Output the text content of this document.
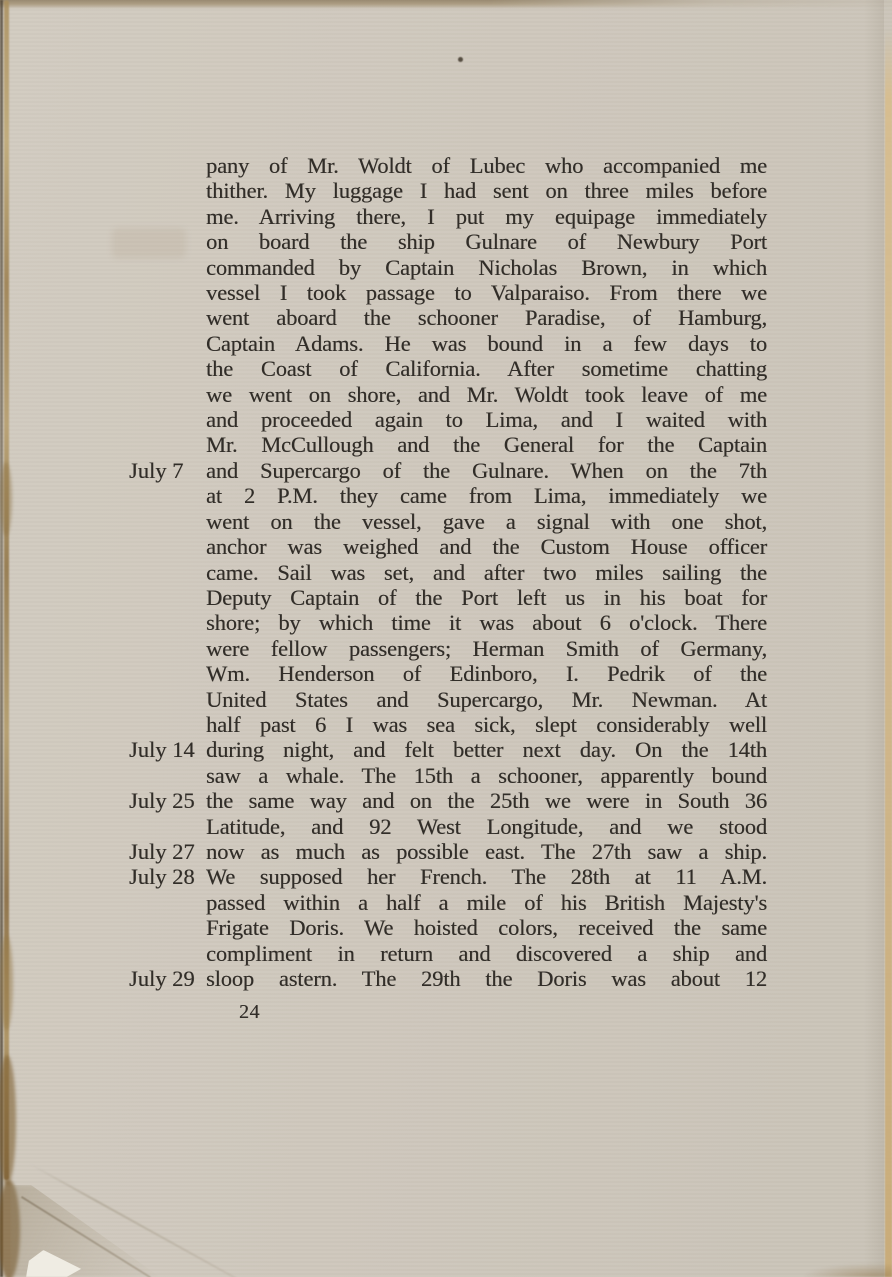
pany of Mr. Woldt of Lubec who accompanied me
thither. My luggage I had sent on three miles before
me. Arriving there, I put my equipage immediately
on board the ship Gulnare of Newbury Port
commanded by Captain Nicholas Brown, in which
vessel I took passage to Valparaiso. From there we
went aboard the schooner Paradise, of Hamburg,
Captain Adams. He was bound in a few days to
the Coast of California. After sometime chatting
we went on shore, and Mr. Woldt took leave of me
and proceeded again to Lima, and I waited with
Mr. McCullough and the General for the Captain
July 7 and Supercargo of the Gulnare. When on the 7th
at 2 P.M. they came from Lima, immediately we
went on the vessel, gave a signal with one shot,
anchor was weighed and the Custom House officer
came. Sail was set, and after two miles sailing the
Deputy Captain of the Port left us in his boat for
shore; by which time it was about 6 o'clock. There
were fellow passengers; Herman Smith of Germany,
Wm. Henderson of Edinboro, I. Pedrik of the
United States and Supercargo, Mr. Newman. At
half past 6 I was sea sick, slept considerably well
July 14 during night, and felt better next day. On the 14th
saw a whale. The 15th a schooner, apparently bound
July 25 the same way and on the 25th we were in South 36
Latitude, and 92 West Longitude, and we stood
July 27 now as much as possible east. The 27th saw a ship.
July 28 We supposed her French. The 28th at 11 A.M.
passed within a half a mile of his British Majesty's
Frigate Doris. We hoisted colors, received the same
compliment in return and discovered a ship and
July 29 sloop astern. The 29th the Doris was about 12
24
